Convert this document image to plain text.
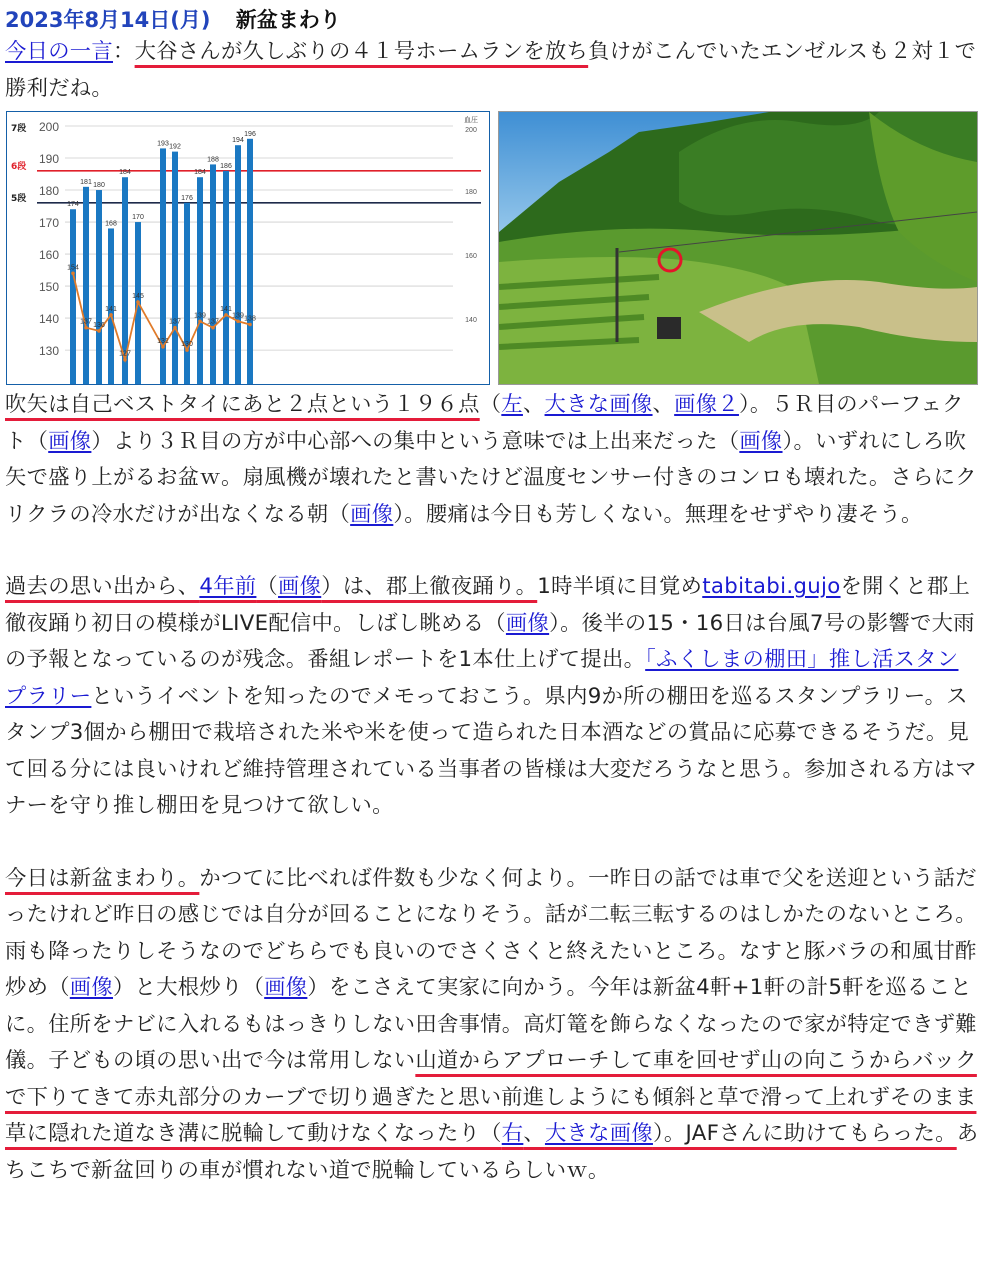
2023年8月14日(月) 新盆まわり

今日の一言：大谷さんが久しぶりの４１号ホームランを放ち負けがこんでいたエンゼルスも２対１で勝利だね。

130
140
150
160
170
180
190
200
140
160
180
200
血圧
7段
6段
5段
174
181 180
168
184
170
193 192
176
184
188
186
194
196
154
137 136
141
127
145
131
137
130
139
137
141
139 138

吹矢は自己ベストタイにあと２点という１９６点（左、大きな画像、画像２）。５Ｒ目のパーフェクト（画像）より３Ｒ目の方が中心部への集中という意味では上出来だった（画像）。いずれにしろ吹矢で盛り上がるお盆ｗ。扇風機が壊れたと書いたけど温度センサー付きのコンロも壊れた。さらにクリクラの冷水だけが出なくなる朝（画像）。腰痛は今日も芳しくない。無理をせずやり凄そう。

過去の思い出から、4年前（画像）は、郡上徹夜踊り。1時半頃に目覚めtabitabi.gujoを開くと郡上徹夜踊り初日の模様がLIVE配信中。しばし眺める（画像）。後半の15・16日は台風7号の影響で大雨の予報となっているのが残念。番組レポートを1本仕上げて提出。「ふくしまの棚田」推し活スタンプラリーというイベントを知ったのでメモっておこう。県内9か所の棚田を巡るスタンプラリー。スタンプ3個から棚田で栽培された米や米を使って造られた日本酒などの賞品に応募できるそうだ。見て回る分には良いけれど維持管理されている当事者の皆様は大変だろうなと思う。参加される方はマナーを守り推し棚田を見つけて欲しい。

今日は新盆まわり。かつてに比べれば件数も少なく何より。一昨日の話では車で父を送迎という話だったけれど昨日の感じでは自分が回ることになりそう。話が二転三転するのはしかたのないところ。雨も降ったりしそうなのでどちらでも良いのでさくさくと終えたいところ。なすと豚バラの和風甘酢炒め（画像）と大根炒り（画像）をこさえて実家に向かう。今年は新盆4軒+1軒の計5軒を巡ることに。住所をナビに入れるもはっきりしない田舎事情。高灯篭を飾らなくなったので家が特定できず難儀。子どもの頃の思い出で今は常用しない山道からアプローチして車を回せず山の向こうからバックで下りてきて赤丸部分のカーブで切り過ぎたと思い前進しようにも傾斜と草で滑って上れずそのまま草に隠れた道なき溝に脱輪して動けなくなったり（右、大きな画像）。JAFさんに助けてもらった。あちこちで新盆回りの車が慣れない道で脱輪しているらしいｗ。
